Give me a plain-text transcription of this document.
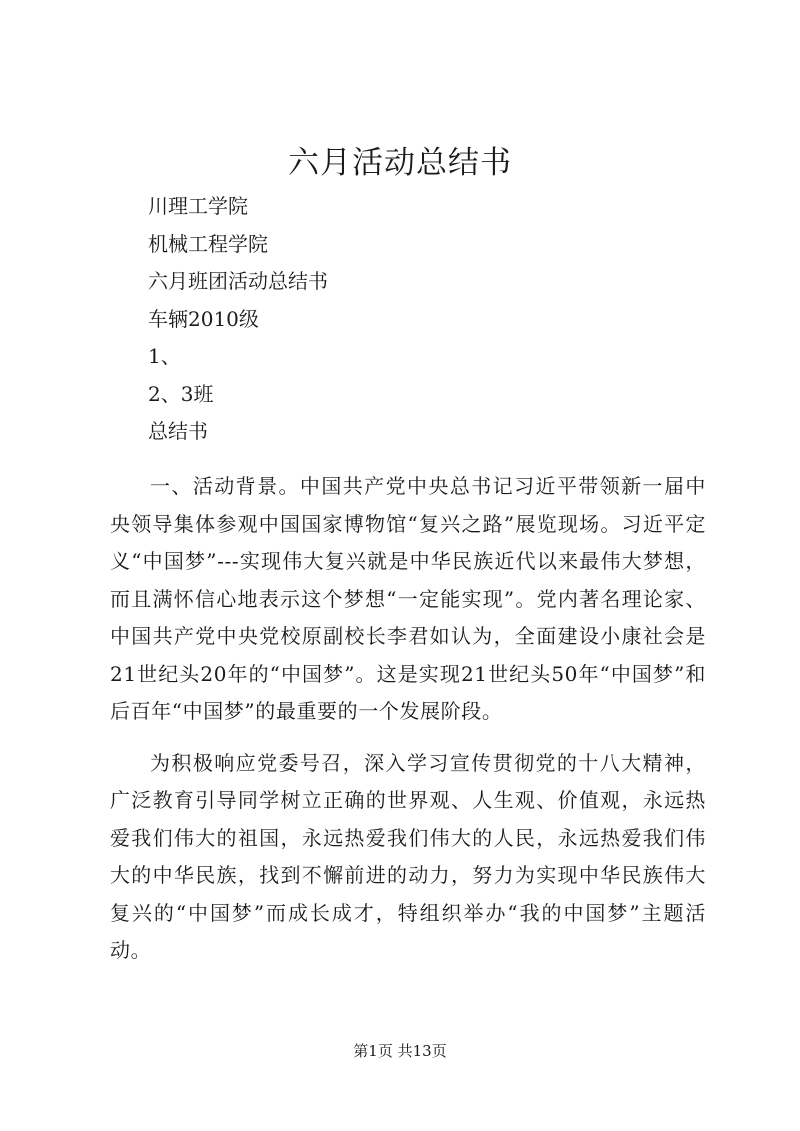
六月活动总结书
川理工学院
机械工程学院
六月班团活动总结书
车辆2010级
1、
2、3班
总结书

一、活动背景。中国共产党中央总书记习近平带领新一届中央领导集体参观中国国家博物馆“复兴之路”展览现场。习近平定义“中国梦”---实现伟大复兴就是中华民族近代以来最伟大梦想，而且满怀信心地表示这个梦想“一定能实现”。党内著名理论家、中国共产党中央党校原副校长李君如认为，全面建设小康社会是21世纪头20年的“中国梦”。这是实现21世纪头50年“中国梦”和后百年“中国梦”的最重要的一个发展阶段。

为积极响应党委号召，深入学习宣传贯彻党的十八大精神，广泛教育引导同学树立正确的世界观、人生观、价值观，永远热爱我们伟大的祖国，永远热爱我们伟大的人民，永远热爱我们伟大的中华民族，找到不懈前进的动力，努力为实现中华民族伟大复兴的“中国梦”而成长成才，特组织举办“我的中国梦”主题活动。

第1页 共13页
